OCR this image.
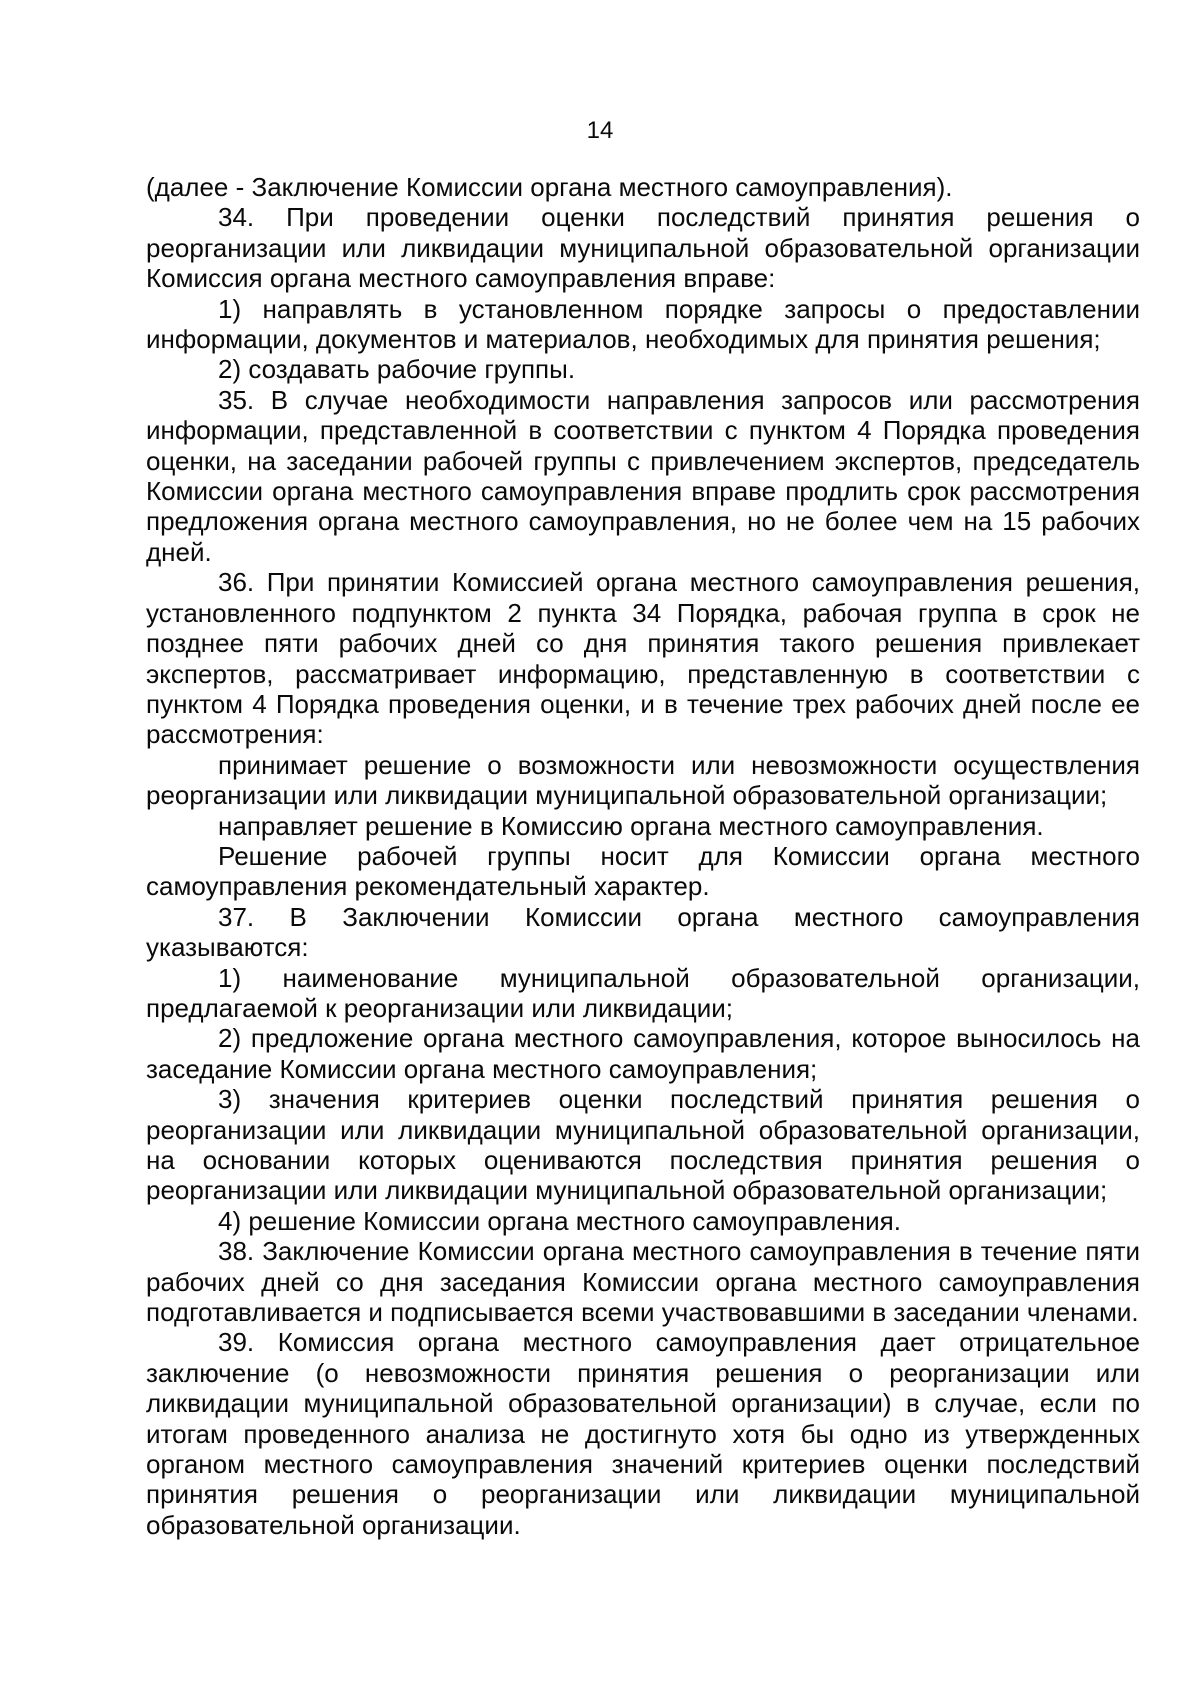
14

(далее - Заключение Комиссии органа местного самоуправления).

34. При проведении оценки последствий принятия решения о реорганизации или ликвидации муниципальной образовательной организации Комиссия органа местного самоуправления вправе:

1) направлять в установленном порядке запросы о предоставлении информации, документов и материалов, необходимых для принятия решения;

2) создавать рабочие группы.

35. В случае необходимости направления запросов или рассмотрения информации, представленной в соответствии с пунктом 4 Порядка проведения оценки, на заседании рабочей группы с привлечением экспертов, председатель Комиссии органа местного самоуправления вправе продлить срок рассмотрения предложения органа местного самоуправления, но не более чем на 15 рабочих дней.

36. При принятии Комиссией органа местного самоуправления решения, установленного подпунктом 2 пункта 34 Порядка, рабочая группа в срок не позднее пяти рабочих дней со дня принятия такого решения привлекает экспертов, рассматривает информацию, представленную в соответствии с пунктом 4 Порядка проведения оценки, и в течение трех рабочих дней после ее рассмотрения:

принимает решение о возможности или невозможности осуществления реорганизации или ликвидации муниципальной образовательной организации;

направляет решение в Комиссию органа местного самоуправления.

Решение рабочей группы носит для Комиссии органа местного самоуправления рекомендательный характер.

37. В Заключении Комиссии органа местного самоуправления указываются:

1) наименование муниципальной образовательной организации, предлагаемой к реорганизации или ликвидации;

2) предложение органа местного самоуправления, которое выносилось на заседание Комиссии органа местного самоуправления;

3) значения критериев оценки последствий принятия решения о реорганизации или ликвидации муниципальной образовательной организации, на основании которых оцениваются последствия принятия решения о реорганизации или ликвидации муниципальной образовательной организации;

4) решение Комиссии органа местного самоуправления.

38. Заключение Комиссии органа местного самоуправления в течение пяти рабочих дней со дня заседания Комиссии органа местного самоуправления подготавливается и подписывается всеми участвовавшими в заседании членами.

39. Комиссия органа местного самоуправления дает отрицательное заключение (о невозможности принятия решения о реорганизации или ликвидации муниципальной образовательной организации) в случае, если по итогам проведенного анализа не достигнуто хотя бы одно из утвержденных органом местного самоуправления значений критериев оценки последствий принятия решения о реорганизации или ликвидации муниципальной образовательной организации.
